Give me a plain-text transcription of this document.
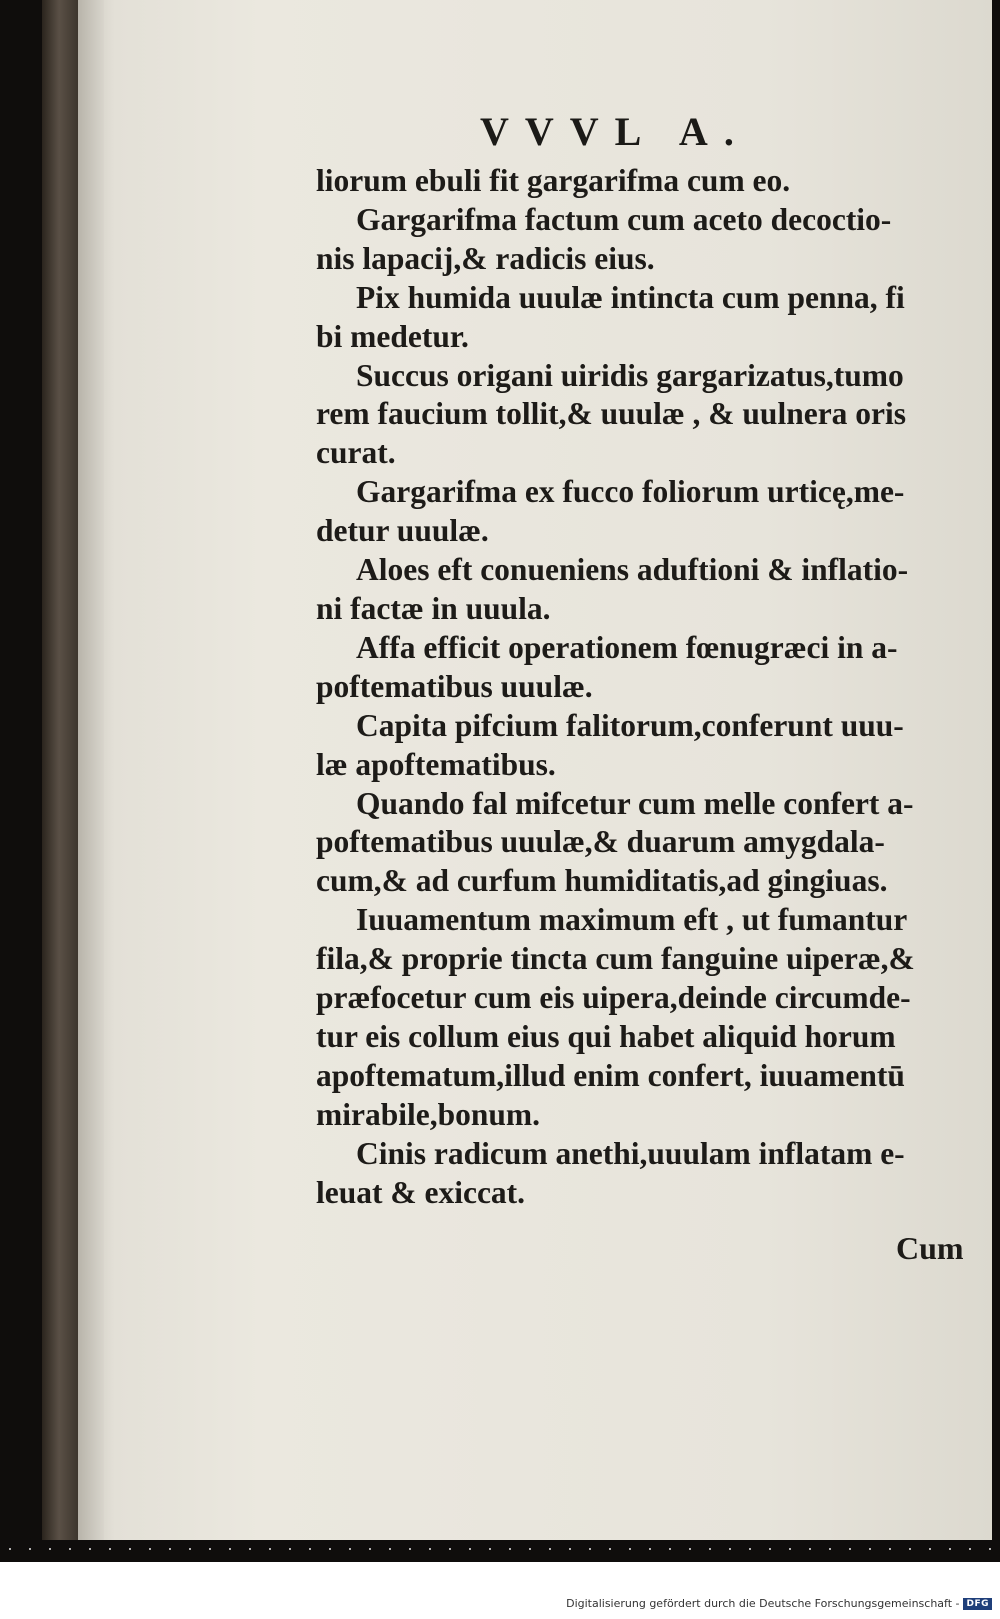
VVVL A.

liorum ebuli fit gargarifma cum eo.

Gargarifma factum cum aceto decoctio-

nis lapacij,& radicis eius.

Pix humida uuulæ intincta cum penna, fi

bi medetur.

Succus origani uiridis gargarizatus,tumo

rem faucium tollit,& uuulæ , & uulnera oris

curat.

Gargarifma ex fucco foliorum urticę,me-

detur uuulæ.

Aloes eft conueniens aduftioni & inflatio-

ni factæ in uuula.

Affa efficit operationem fœnugræci in a-

poftematibus uuulæ.

Capita pifcium falitorum,conferunt uuu-

læ apoftematibus.

Quando fal mifcetur cum melle confert a-

poftematibus uuulæ,& duarum amygdala-

cum,& ad curfum humiditatis,ad gingiuas.

Iuuamentum maximum eft , ut fumantur

fila,& proprie tincta cum fanguine uiperæ,&

præfocetur cum eis uipera,deinde circumde-

tur eis collum eius qui habet aliquid horum

apoftematum,illud enim confert, iuuamentū

mirabile,bonum.

Cinis radicum anethi,uuulam inflatam e-

leuat & exiccat.

Cum
Digitalisierung gefördert durch die Deutsche Forschungsgemeinschaft - DFG
